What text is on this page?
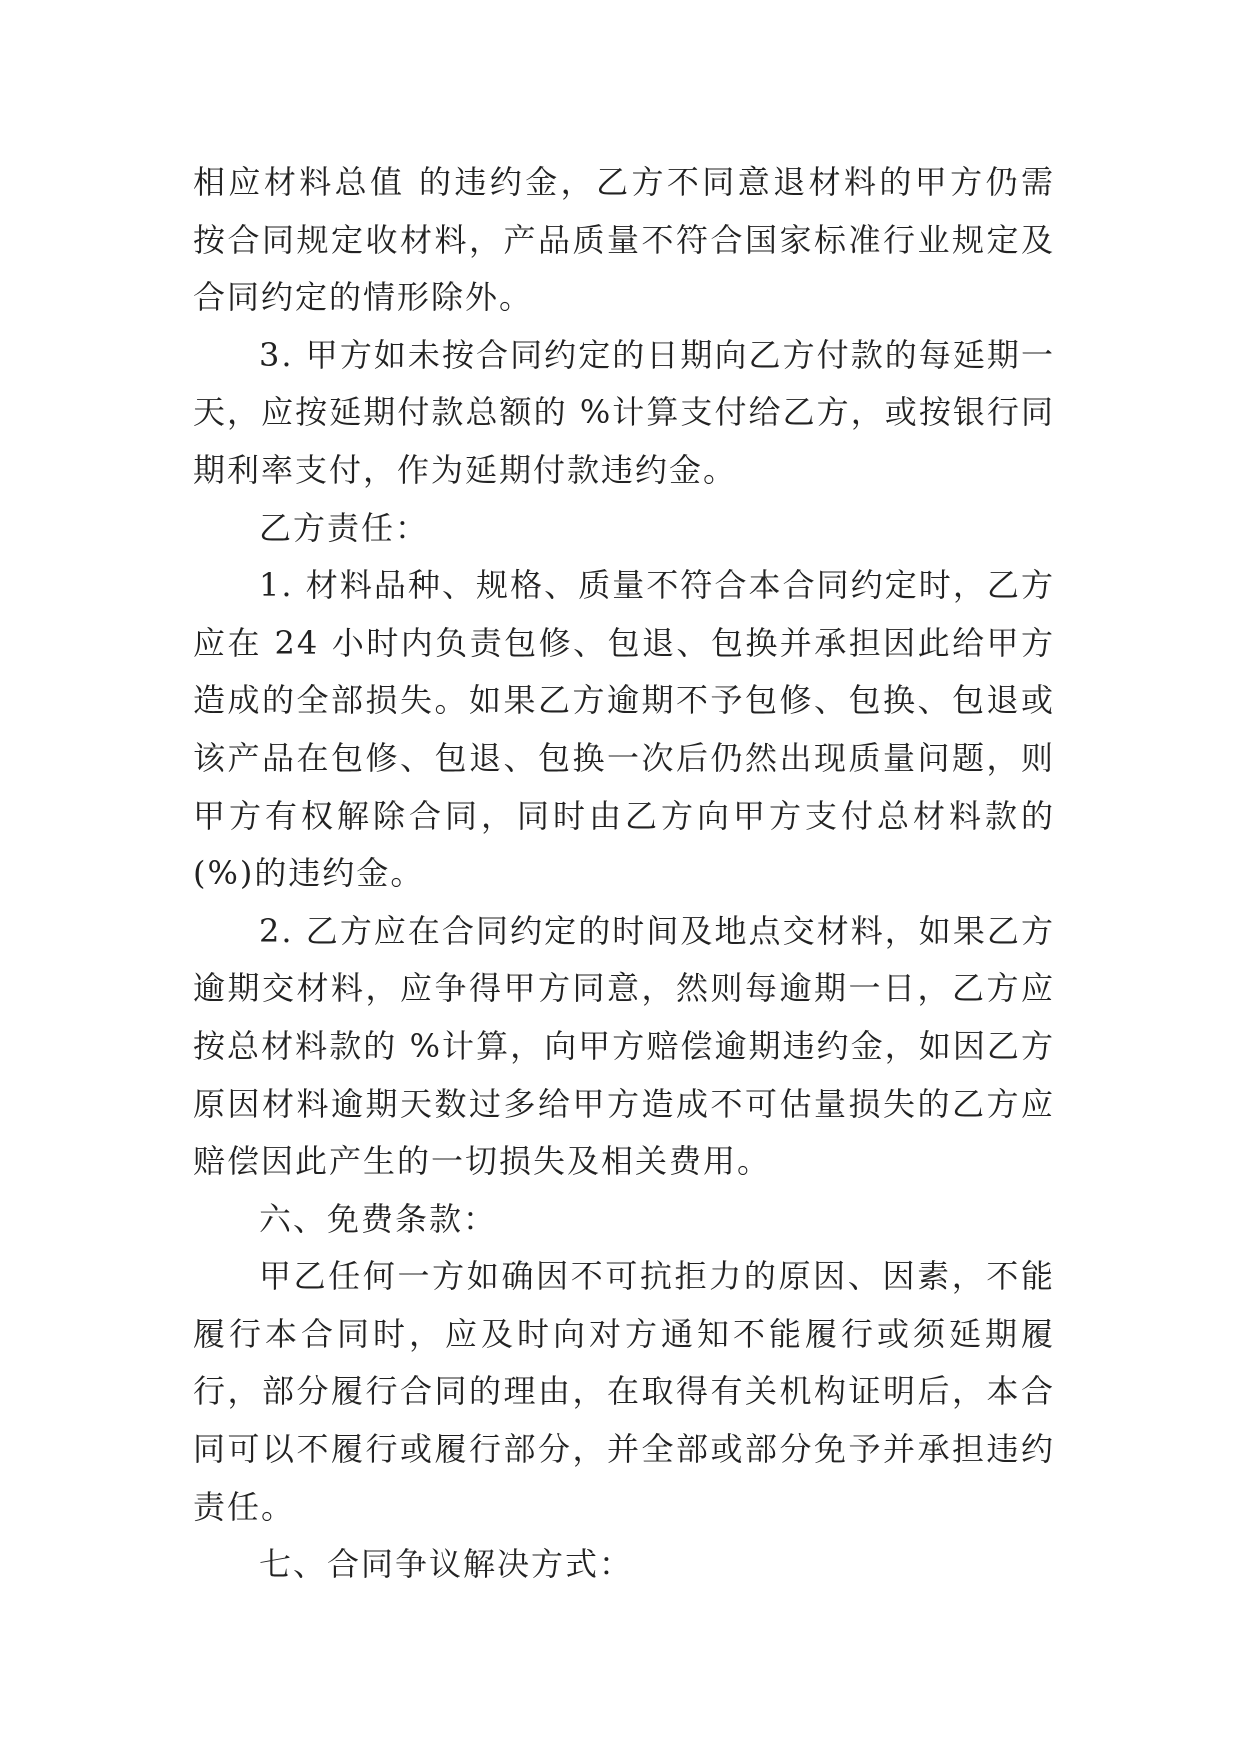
相应材料总值 的违约金，乙方不同意退材料的甲方仍需按合同规定收材料，产品质量不符合国家标准行业规定及合同约定的情形除外。

3. 甲方如未按合同约定的日期向乙方付款的每延期一天，应按延期付款总额的 %计算支付给乙方，或按银行同期利率支付，作为延期付款违约金。

乙方责任：

1. 材料品种、规格、质量不符合本合同约定时，乙方应在 24 小时内负责包修、包退、包换并承担因此给甲方造成的全部损失。如果乙方逾期不予包修、包换、包退或该产品在包修、包退、包换一次后仍然出现质量问题，则甲方有权解除合同，同时由乙方向甲方支付总材料款的 (%)的违约金。

2. 乙方应在合同约定的时间及地点交材料，如果乙方逾期交材料，应争得甲方同意，然则每逾期一日，乙方应按总材料款的 %计算，向甲方赔偿逾期违约金，如因乙方原因材料逾期天数过多给甲方造成不可估量损失的乙方应赔偿因此产生的一切损失及相关费用。

六、免费条款：

甲乙任何一方如确因不可抗拒力的原因、因素，不能履行本合同时，应及时向对方通知不能履行或须延期履行，部分履行合同的理由，在取得有关机构证明后，本合同可以不履行或履行部分，并全部或部分免予并承担违约责任。

七、合同争议解决方式：
